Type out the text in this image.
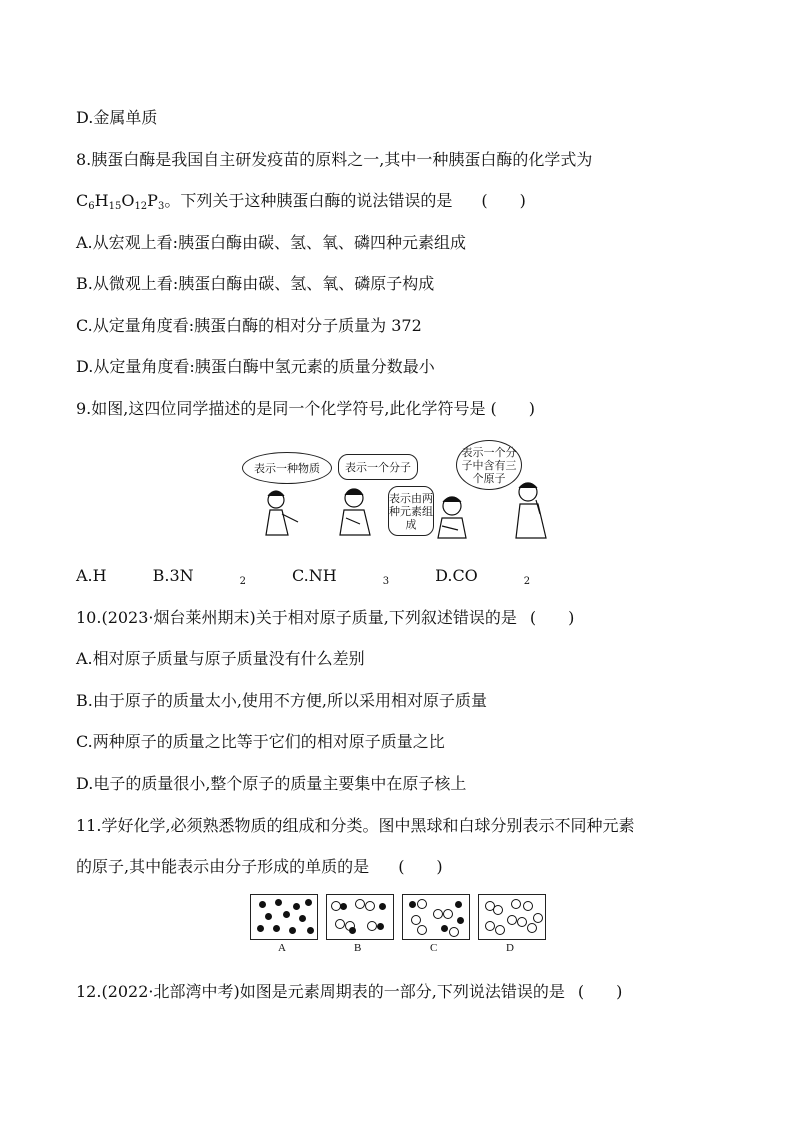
D.金属单质
8.胰蛋白酶是我国自主研发疫苗的原料之一,其中一种胰蛋白酶的化学式为
$C_6H_{15}O_{12}P_3$。下列关于这种胰蛋白酶的说法错误的是 (　　)
A.从宏观上看:胰蛋白酶由碳、氢、氧、磷四种元素组成
B.从微观上看:胰蛋白酶由碳、氢、氧、磷原子构成
C.从定量角度看:胰蛋白酶的相对分子质量为 372
D.从定量角度看:胰蛋白酶中氢元素的质量分数最小
9.如图,这四位同学描述的是同一个化学符号,此化学符号是 (　　)
表示一种物质	表示一个分子
表示由两种元素组成
表示一个分子中含有三个原子
A.H	B.3N	$_2$	C.NH	$_3$	D.CO	$_2$
10.(2023·烟台莱州期末)关于相对原子质量,下列叙述错误的是 (　　)
A.相对原子质量与原子质量没有什么差别
B.由于原子的质量太小,使用不方便,所以采用相对原子质量
C.两种原子的质量之比等于它们的相对原子质量之比
D.电子的质量很小,整个原子的质量主要集中在原子核上
11.学好化学,必须熟悉物质的组成和分类。图中黑球和白球分别表示不同种元素
的原子,其中能表示由分子形成的单质的是 (　　)
A	B	C	D
12.(2022·北部湾中考)如图是元素周期表的一部分,下列说法错误的是 (　　)
